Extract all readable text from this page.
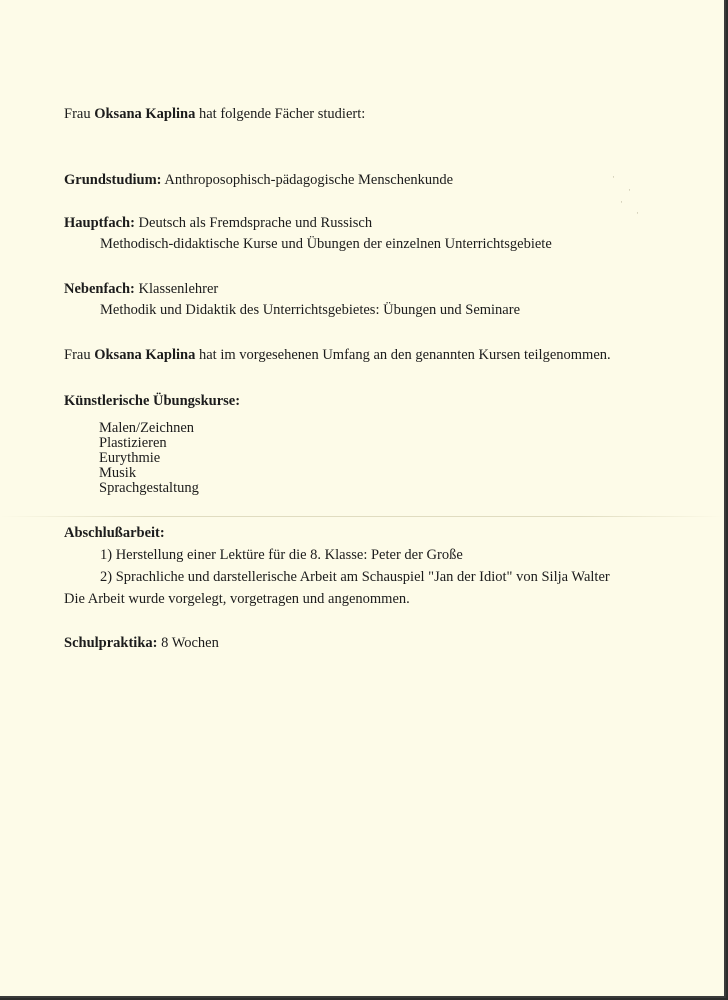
·
·
·
·
Frau Oksana Kaplina hat folgende Fächer studiert:
Grundstudium: Anthroposophisch-pädagogische Menschenkunde
Hauptfach: Deutsch als Fremdsprache und Russisch
Methodisch-didaktische Kurse und Übungen der einzelnen Unterrichtsgebiete
Nebenfach: Klassenlehrer
Methodik und Didaktik des Unterrichtsgebietes: Übungen und Seminare
Frau Oksana Kaplina hat im vorgesehenen Umfang an den genannten Kursen teilgenommen.
Künstlerische Übungskurse:
Malen/Zeichnen
Plastizieren
Eurythmie
Musik
Sprachgestaltung
Abschlußarbeit:
1) Herstellung einer Lektüre für die 8. Klasse: Peter der Große
2) Sprachliche und darstellerische Arbeit am Schauspiel "Jan der Idiot" von Silja Walter
Die Arbeit wurde vorgelegt, vorgetragen und angenommen.
Schulpraktika: 8 Wochen
